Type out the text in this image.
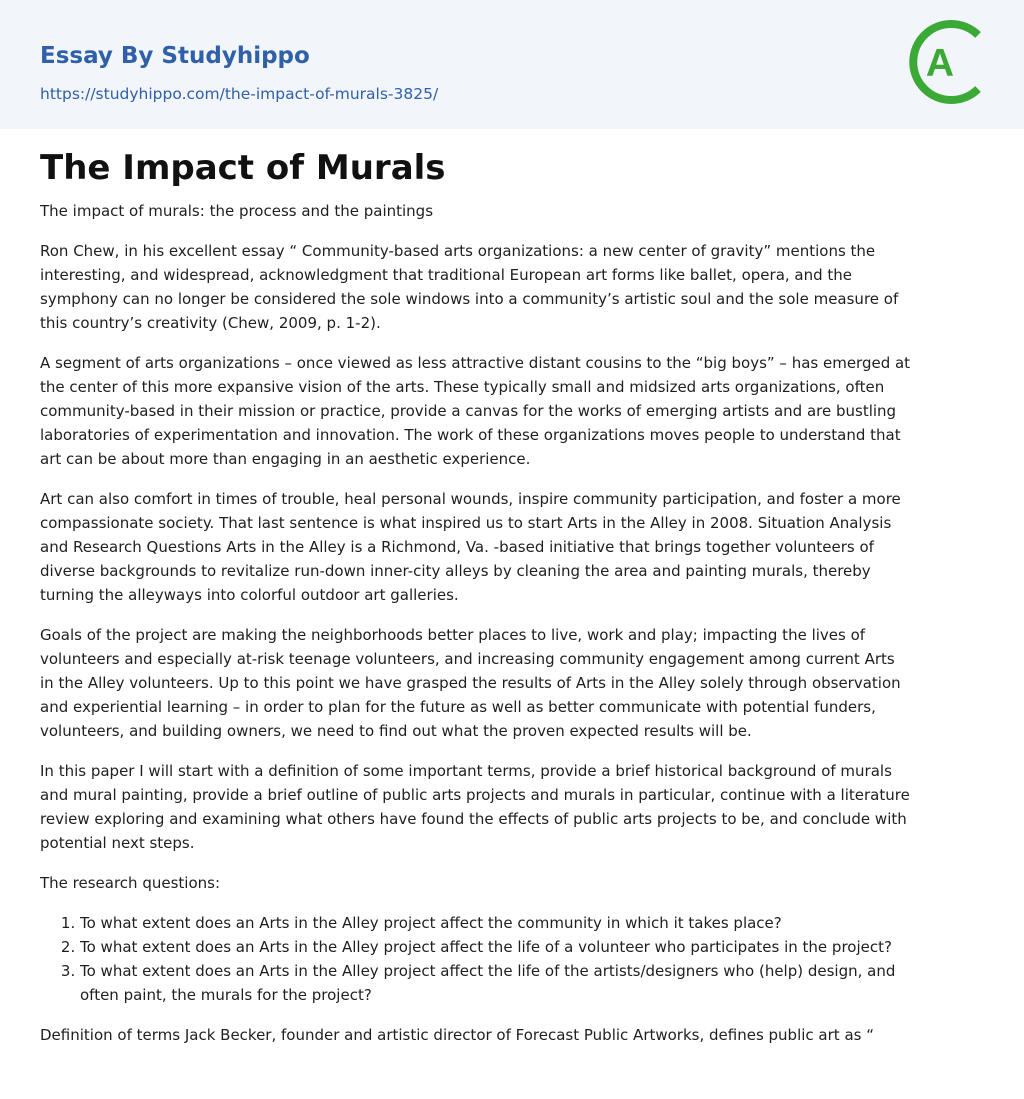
Essay By Studyhippo
https://studyhippo.com/the-impact-of-murals-3825/
A
The Impact of Murals

The impact of murals: the process and the paintings

Ron Chew, in his excellent essay “ Community-based arts organizations: a new center of gravity” mentions the
interesting, and widespread, acknowledgment that traditional European art forms like ballet, opera, and the
symphony can no longer be considered the sole windows into a community’s artistic soul and the sole measure of
this country’s creativity (Chew, 2009, p. 1-2).

A segment of arts organizations – once viewed as less attractive distant cousins to the “big boys” – has emerged at
the center of this more expansive vision of the arts. These typically small and midsized arts organizations, often
community-based in their mission or practice, provide a canvas for the works of emerging artists and are bustling
laboratories of experimentation and innovation. The work of these organizations moves people to understand that
art can be about more than engaging in an aesthetic experience.

Art can also comfort in times of trouble, heal personal wounds, inspire community participation, and foster a more
compassionate society. That last sentence is what inspired us to start Arts in the Alley in 2008. Situation Analysis
and Research Questions Arts in the Alley is a Richmond, Va. -based initiative that brings together volunteers of
diverse backgrounds to revitalize run-down inner-city alleys by cleaning the area and painting murals, thereby
turning the alleyways into colorful outdoor art galleries.

Goals of the project are making the neighborhoods better places to live, work and play; impacting the lives of
volunteers and especially at-risk teenage volunteers, and increasing community engagement among current Arts
in the Alley volunteers. Up to this point we have grasped the results of Arts in the Alley solely through observation
and experiential learning – in order to plan for the future as well as better communicate with potential funders,
volunteers, and building owners, we need to find out what the proven expected results will be.

In this paper I will start with a definition of some important terms, provide a brief historical background of murals
and mural painting, provide a brief outline of public arts projects and murals in particular, continue with a literature
review exploring and examining what others have found the effects of public arts projects to be, and conclude with
potential next steps.

The research questions:

1. To what extent does an Arts in the Alley project affect the community in which it takes place?
2. To what extent does an Arts in the Alley project affect the life of a volunteer who participates in the project?
3. To what extent does an Arts in the Alley project affect the life of the artists/designers who (help) design, and
often paint, the murals for the project?

Definition of terms Jack Becker, founder and artistic director of Forecast Public Artworks, defines public art as “
